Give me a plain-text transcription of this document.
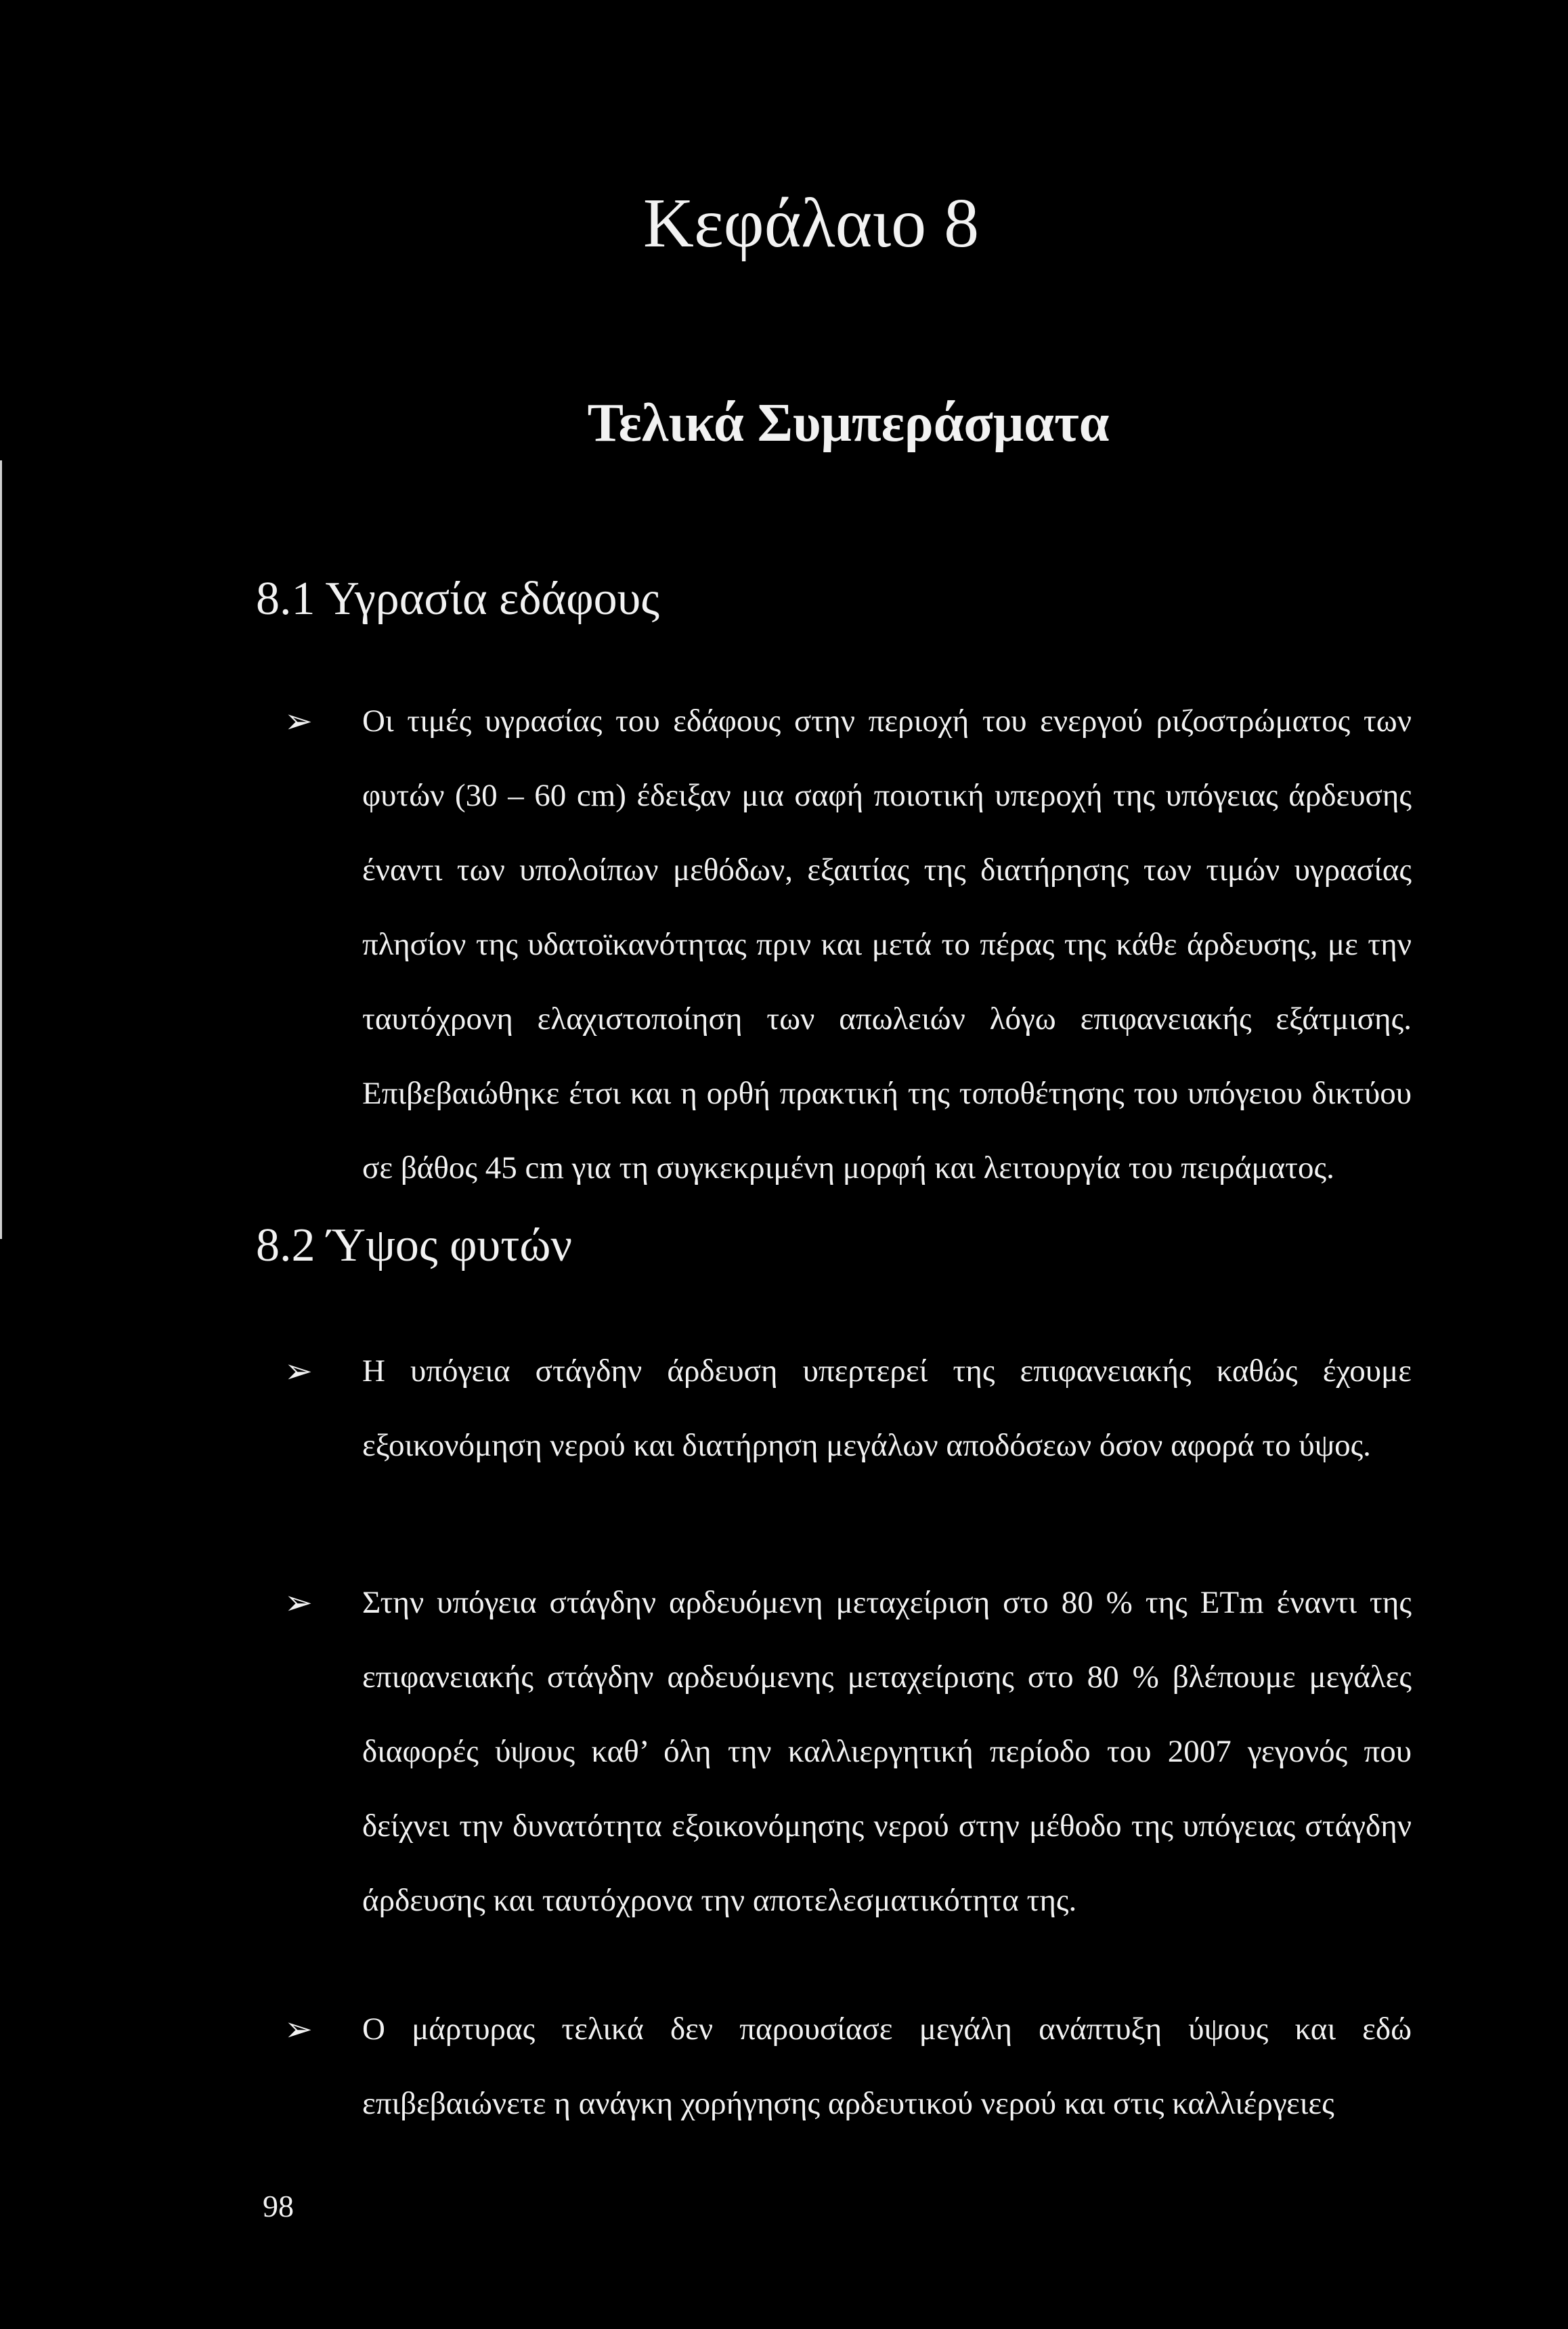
Κεφάλαιο 8
Τελικά Συμπεράσματα
8.1 Υγρασία εδάφους
➢ Οι τιμές υγρασίας του εδάφους στην περιοχή του ενεργού ριζοστρώματος των φυτών (30 – 60 cm) έδειξαν μια σαφή ποιοτική υπεροχή της υπόγειας άρδευσης έναντι των υπολοίπων μεθόδων, εξαιτίας της διατήρησης των τιμών υγρασίας πλησίον της υδατοϊκανότητας πριν και μετά το πέρας της κάθε άρδευσης, με την ταυτόχρονη ελαχιστοποίηση των απωλειών λόγω επιφανειακής εξάτμισης. Επιβεβαιώθηκε έτσι και η ορθή πρακτική της τοποθέτησης του υπόγειου δικτύου σε βάθος 45 cm για τη συγκεκριμένη μορφή και λειτουργία του πειράματος.

8.2 Ύψος φυτών
➢ Η υπόγεια στάγδην άρδευση υπερτερεί της επιφανειακής καθώς έχουμε εξοικονόμηση νερού και διατήρηση μεγάλων αποδόσεων όσον αφορά το ύψος.

➢ Στην υπόγεια στάγδην αρδευόμενη μεταχείριση στο 80 % της ETm έναντι της επιφανειακής στάγδην αρδευόμενης μεταχείρισης στο 80 % βλέπουμε μεγάλες διαφορές ύψους καθ’ όλη την καλλιεργητική περίοδο του 2007 γεγονός που δείχνει την δυνατότητα εξοικονόμησης νερού στην μέθοδο της υπόγειας στάγδην άρδευσης και ταυτόχρονα την αποτελεσματικότητα της.

➢ Ο μάρτυρας τελικά δεν παρουσίασε μεγάλη ανάπτυξη ύψους και εδώ επιβεβαιώνετε η ανάγκη χορήγησης αρδευτικού νερού και στις καλλιέργειες

98
